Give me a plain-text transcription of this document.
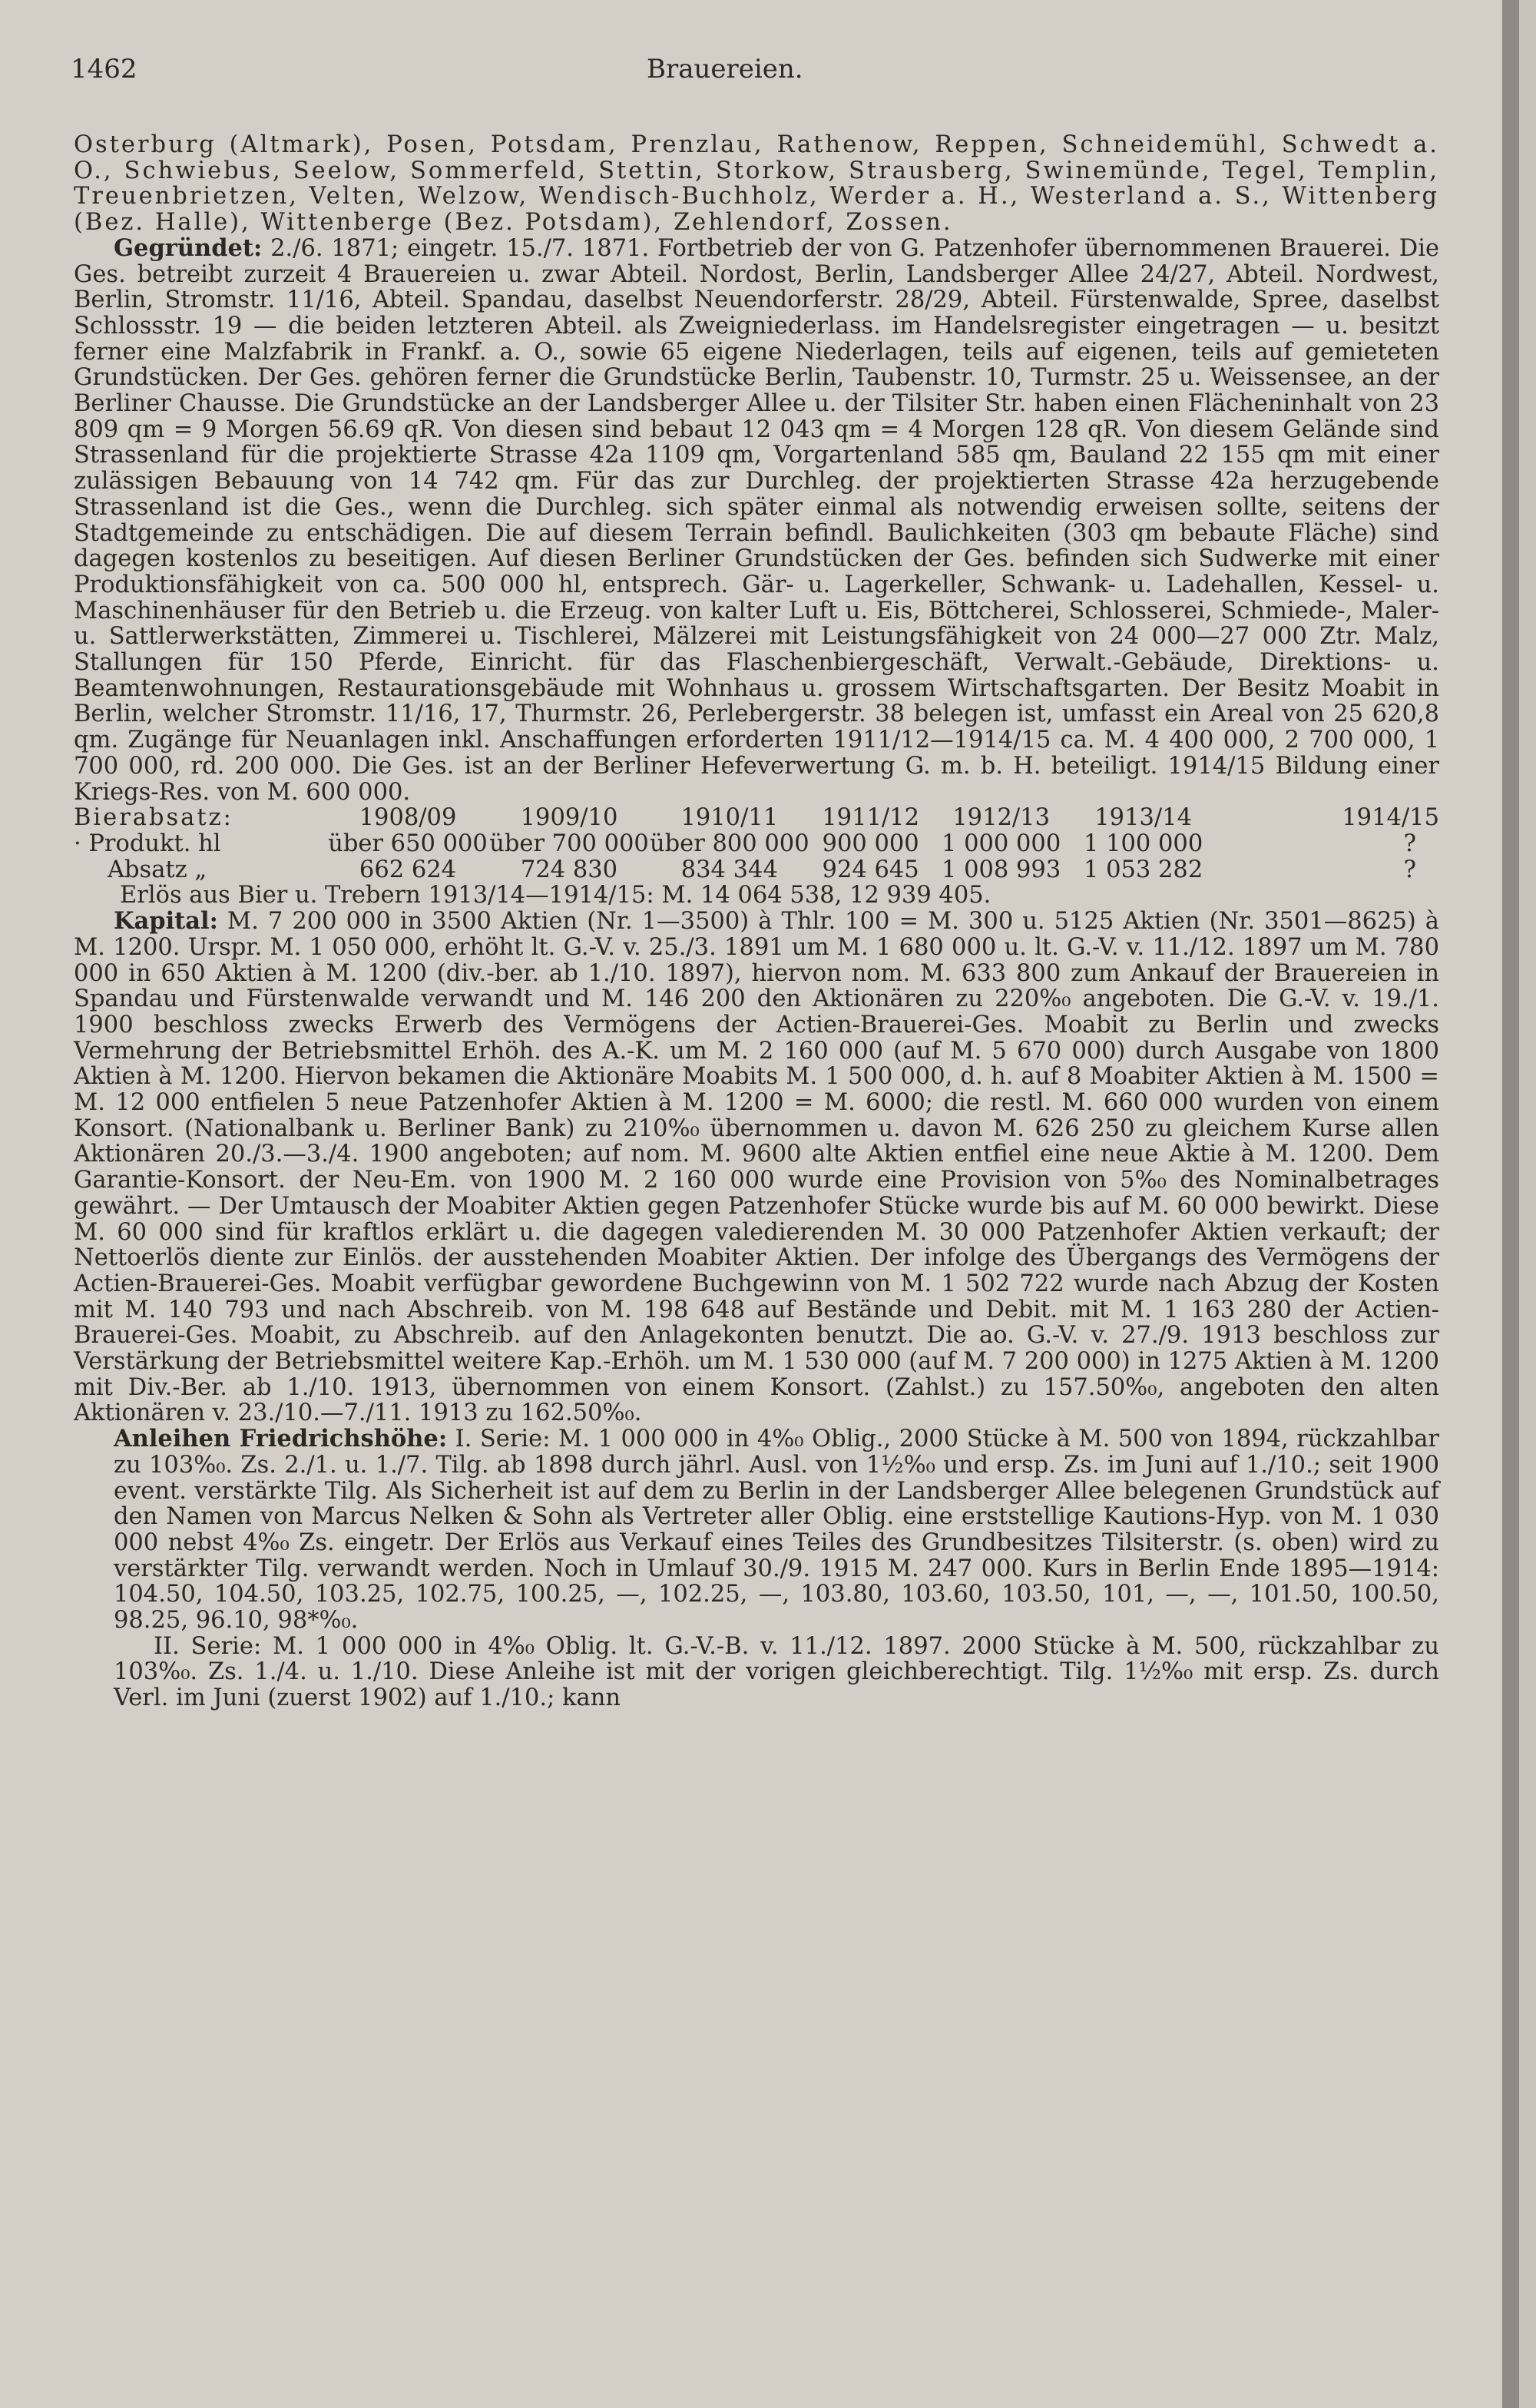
1462	Brauereien.

Osterburg (Altmark), Posen, Potsdam, Prenzlau, Rathenow, Reppen, Schneidemühl, Schwedt a. O., Schwiebus, Seelow, Sommerfeld, Stettin, Storkow, Strausberg, Swinemünde, Tegel, Templin, Treuenbrietzen, Velten, Welzow, Wendisch-Buchholz, Werder a. H., Westerland a. S., Wittenberg (Bez. Halle), Wittenberge (Bez. Potsdam), Zehlendorf, Zossen.

Gegründet: 2./6. 1871; eingetr. 15./7. 1871. Fortbetrieb der von G. Patzenhofer übernommenen Brauerei. Die Ges. betreibt zurzeit 4 Brauereien u. zwar Abteil. Nordost, Berlin, Landsberger Allee 24/27, Abteil. Nordwest, Berlin, Stromstr. 11/16, Abteil. Spandau, daselbst Neuendorferstr. 28/29, Abteil. Fürstenwalde, Spree, daselbst Schlossstr. 19 — die beiden letzteren Abteil. als Zweigniederlass. im Handelsregister eingetragen — u. besitzt ferner eine Malzfabrik in Frankf. a. O., sowie 65 eigene Niederlagen, teils auf eigenen, teils auf gemieteten Grundstücken. Der Ges. gehören ferner die Grundstücke Berlin, Taubenstr. 10, Turmstr. 25 u. Weissensee, an der Berliner Chausse. Die Grundstücke an der Landsberger Allee u. der Tilsiter Str. haben einen Flächeninhalt von 23 809 qm = 9 Morgen 56.69 qR. Von diesen sind bebaut 12 043 qm = 4 Morgen 128 qR. Von diesem Gelände sind Strassenland für die projektierte Strasse 42a 1109 qm, Vorgartenland 585 qm, Bauland 22 155 qm mit einer zulässigen Bebauung von 14 742 qm. Für das zur Durchleg. der projektierten Strasse 42a herzugebende Strassenland ist die Ges., wenn die Durchleg. sich später einmal als notwendig erweisen sollte, seitens der Stadtgemeinde zu entschädigen. Die auf diesem Terrain befindl. Baulichkeiten (303 qm bebaute Fläche) sind dagegen kostenlos zu beseitigen. Auf diesen Berliner Grundstücken der Ges. befinden sich Sudwerke mit einer Produktionsfähigkeit von ca. 500 000 hl, entsprech. Gär- u. Lagerkeller, Schwank- u. Ladehallen, Kessel- u. Maschinenhäuser für den Betrieb u. die Erzeug. von kalter Luft u. Eis, Böttcherei, Schlosserei, Schmiede-, Maler- u. Sattlerwerkstätten, Zimmerei u. Tischlerei, Mälzerei mit Leistungsfähigkeit von 24 000—27 000 Ztr. Malz, Stallungen für 150 Pferde, Einricht. für das Flaschenbiergeschäft, Verwalt.-Gebäude, Direktions- u. Beamtenwohnungen, Restaurationsgebäude mit Wohnhaus u. grossem Wirtschaftsgarten. Der Besitz Moabit in Berlin, welcher Stromstr. 11/16, 17, Thurmstr. 26, Perlebergerstr. 38 belegen ist, umfasst ein Areal von 25 620,8 qm. Zugänge für Neuanlagen inkl. Anschaffungen erforderten 1911/12—1914/15 ca. M. 4 400 000, 2 700 000, 1 700 000, rd. 200 000. Die Ges. ist an der Berliner Hefeverwertung G. m. b. H. beteiligt. 1914/15 Bildung einer Kriegs-Res. von M. 600 000.

Bierabsatz:	1908/09	1909/10	1910/11	1911/12	1912/13	1913/14	1914/15
· Produkt. hl	über 650 000	über 700 000	über 800 000	900 000	1 000 000	1 100 000	?
Absatz „	662 624	724 830	834 344	924 645	1 008 993	1 053 282	?

Erlös aus Bier u. Trebern 1913/14—1914/15: M. 14 064 538, 12 939 405.

Kapital: M. 7 200 000 in 3500 Aktien (Nr. 1—3500) à Thlr. 100 = M. 300 u. 5125 Aktien (Nr. 3501—8625) à M. 1200. Urspr. M. 1 050 000, erhöht lt. G.-V. v. 25./3. 1891 um M. 1 680 000 u. lt. G.-V. v. 11./12. 1897 um M. 780 000 in 650 Aktien à M. 1200 (div.-ber. ab 1./10. 1897), hiervon nom. M. 633 800 zum Ankauf der Brauereien in Spandau und Fürstenwalde verwandt und M. 146 200 den Aktionären zu 220%₀ angeboten. Die G.-V. v. 19./1. 1900 beschloss zwecks Erwerb des Vermögens der Actien-Brauerei-Ges. Moabit zu Berlin und zwecks Vermehrung der Betriebsmittel Erhöh. des A.-K. um M. 2 160 000 (auf M. 5 670 000) durch Ausgabe von 1800 Aktien à M. 1200. Hiervon bekamen die Aktionäre Moabits M. 1 500 000, d. h. auf 8 Moabiter Aktien à M. 1500 = M. 12 000 entfielen 5 neue Patzenhofer Aktien à M. 1200 = M. 6000; die restl. M. 660 000 wurden von einem Konsort. (Nationalbank u. Berliner Bank) zu 210%₀ übernommen u. davon M. 626 250 zu gleichem Kurse allen Aktionären 20./3.—3./4. 1900 angeboten; auf nom. M. 9600 alte Aktien entfiel eine neue Aktie à M. 1200. Dem Garantie-Konsort. der Neu-Em. von 1900 M. 2 160 000 wurde eine Provision von 5%₀ des Nominalbetrages gewährt. — Der Umtausch der Moabiter Aktien gegen Patzenhofer Stücke wurde bis auf M. 60 000 bewirkt. Diese M. 60 000 sind für kraftlos erklärt u. die dagegen valedierenden M. 30 000 Patzenhofer Aktien verkauft; der Nettoerlös diente zur Einlös. der ausstehenden Moabiter Aktien. Der infolge des Übergangs des Vermögens der Actien-Brauerei-Ges. Moabit verfügbar gewordene Buchgewinn von M. 1 502 722 wurde nach Abzug der Kosten mit M. 140 793 und nach Abschreib. von M. 198 648 auf Bestände und Debit. mit M. 1 163 280 der Actien-Brauerei-Ges. Moabit, zu Abschreib. auf den Anlagekonten benutzt. Die ao. G.-V. v. 27./9. 1913 beschloss zur Verstärkung der Betriebsmittel weitere Kap.-Erhöh. um M. 1 530 000 (auf M. 7 200 000) in 1275 Aktien à M. 1200 mit Div.-Ber. ab 1./10. 1913, übernommen von einem Konsort. (Zahlst.) zu 157.50%₀, angeboten den alten Aktionären v. 23./10.—7./11. 1913 zu 162.50%₀.

Anleihen Friedrichshöhe: I. Serie: M. 1 000 000 in 4%₀ Oblig., 2000 Stücke à M. 500 von 1894, rückzahlbar zu 103%₀. Zs. 2./1. u. 1./7. Tilg. ab 1898 durch jährl. Ausl. von 1½%₀ und ersp. Zs. im Juni auf 1./10.; seit 1900 event. verstärkte Tilg. Als Sicherheit ist auf dem zu Berlin in der Landsberger Allee belegenen Grundstück auf den Namen von Marcus Nelken & Sohn als Vertreter aller Oblig. eine erststellige Kautions-Hyp. von M. 1 030 000 nebst 4%₀ Zs. eingetr. Der Erlös aus Verkauf eines Teiles des Grundbesitzes Tilsiterstr. (s. oben) wird zu verstärkter Tilg. verwandt werden. Noch in Umlauf 30./9. 1915 M. 247 000. Kurs in Berlin Ende 1895—1914: 104.50, 104.50, 103.25, 102.75, 100.25, —, 102.25, —, 103.80, 103.60, 103.50, 101, —, —, 101.50, 100.50, 98.25, 96.10, 98*%₀.

II. Serie: M. 1 000 000 in 4%₀ Oblig. lt. G.-V.-B. v. 11./12. 1897. 2000 Stücke à M. 500, rückzahlbar zu 103%₀. Zs. 1./4. u. 1./10. Diese Anleihe ist mit der vorigen gleichberechtigt. Tilg. 1½%₀ mit ersp. Zs. durch Verl. im Juni (zuerst 1902) auf 1./10.; kann
